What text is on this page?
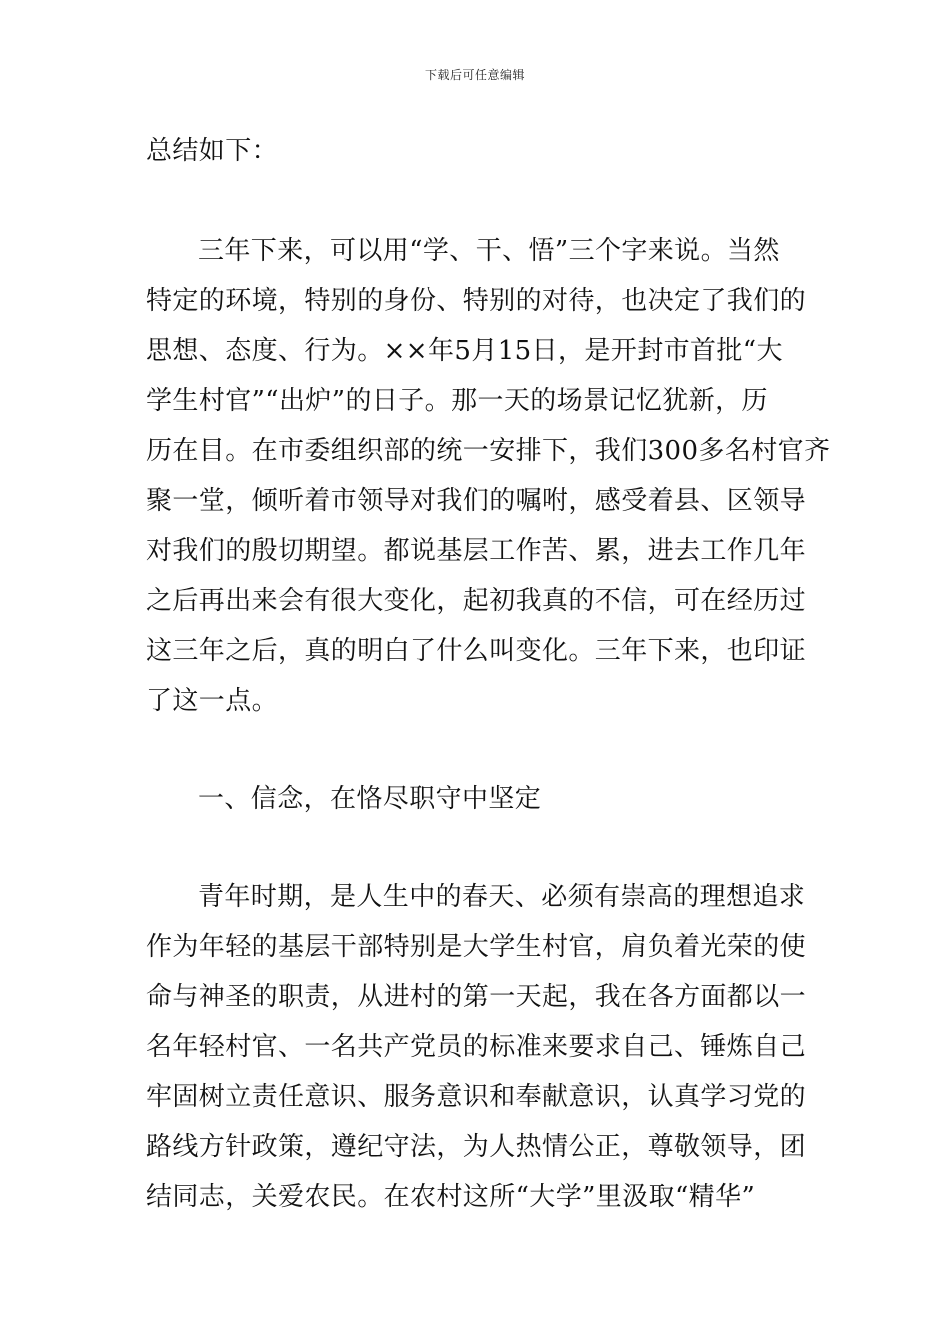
下载后可任意编辑
总结如下：
三年下来，可以用“学、干、悟”三个字来说。当然
特定的环境，特别的身份、特别的对待，也决定了我们的
思想、态度、行为。××年5月15日，是开封市首批“大
学生村官”“出炉”的日子。那一天的场景记忆犹新，历
历在目。在市委组织部的统一安排下，我们300多名村官齐
聚一堂，倾听着市领导对我们的嘱咐，感受着县、区领导
对我们的殷切期望。都说基层工作苦、累，进去工作几年
之后再出来会有很大变化，起初我真的不信，可在经历过
这三年之后，真的明白了什么叫变化。三年下来，也印证
了这一点。
一、信念，在恪尽职守中坚定
青年时期，是人生中的春天、必须有崇高的理想追求
作为年轻的基层干部特别是大学生村官，肩负着光荣的使
命与神圣的职责，从进村的第一天起，我在各方面都以一
名年轻村官、一名共产党员的标准来要求自己、锤炼自己
牢固树立责任意识、服务意识和奉献意识，认真学习党的
路线方针政策，遵纪守法，为人热情公正，尊敬领导，团
结同志，关爱农民。在农村这所“大学”里汲取“精华”
